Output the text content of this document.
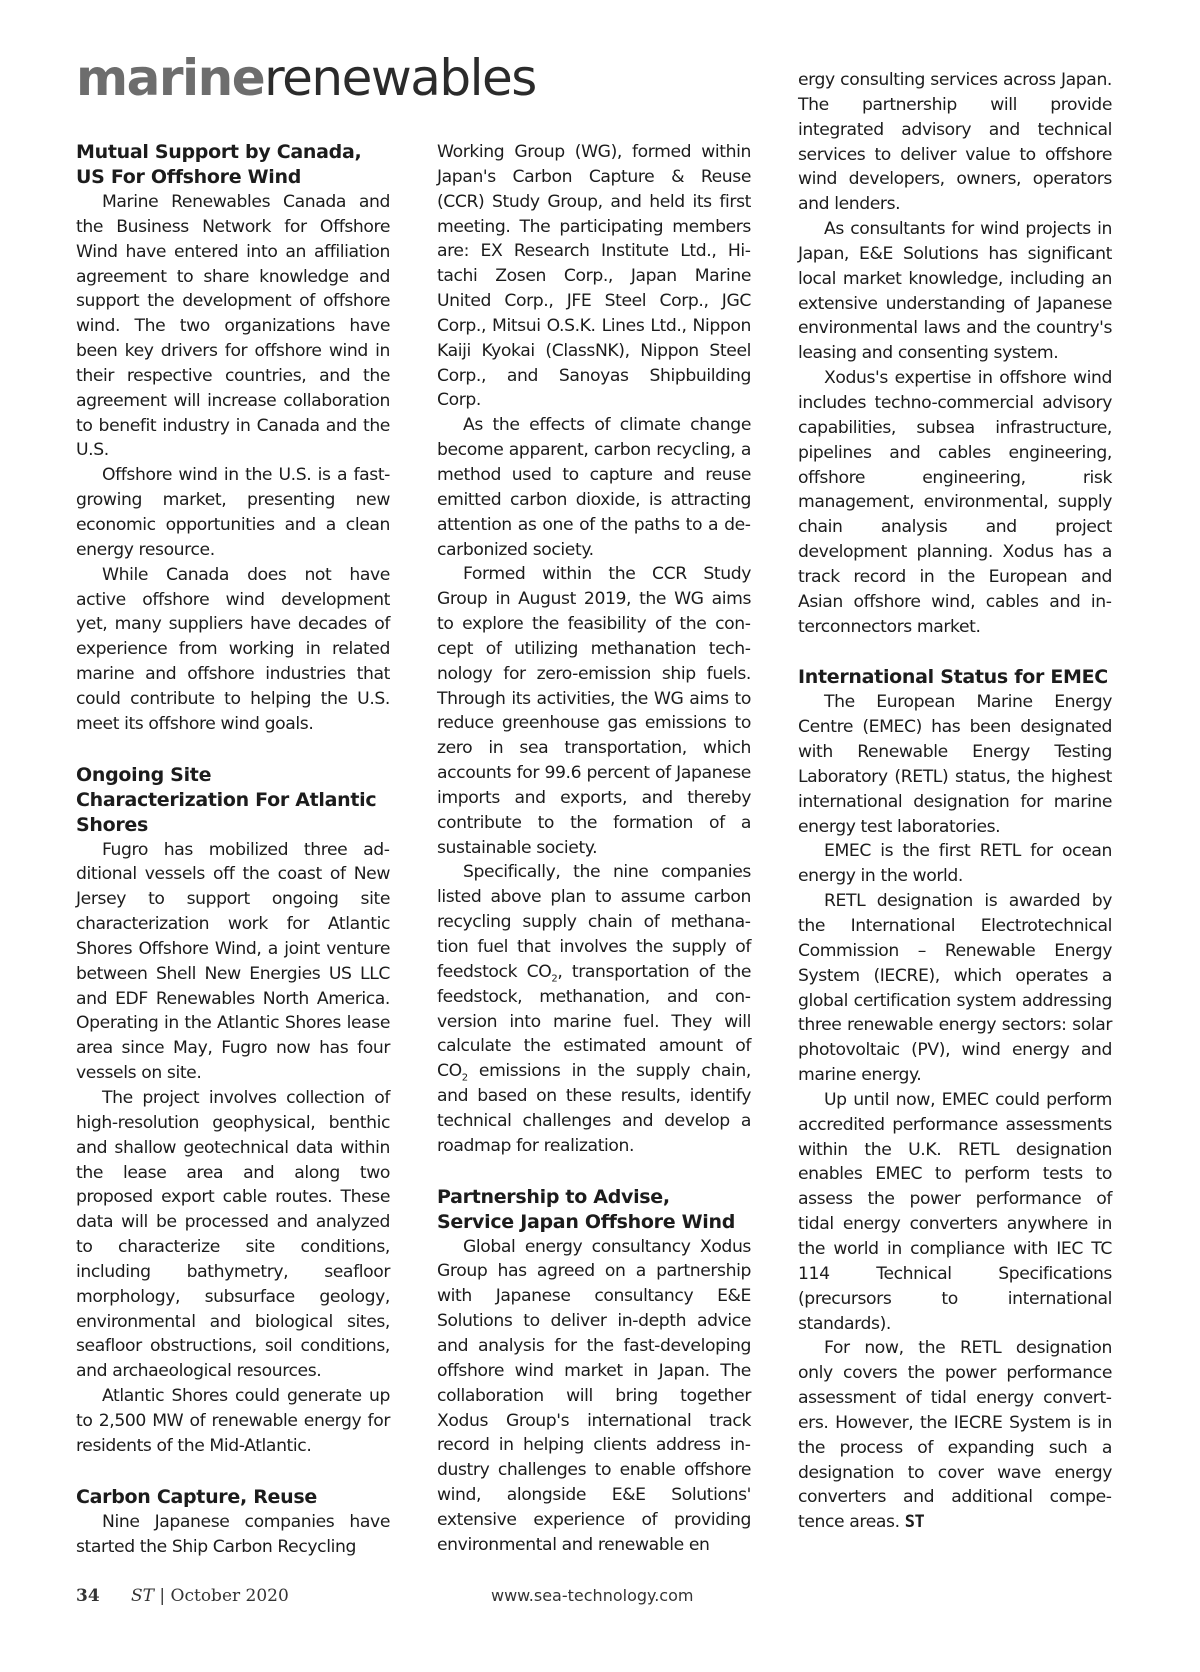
marinerenewables
Mutual Support by Canada, US For Offshore Wind

Marine Renewables Canada and the Business Network for Offshore Wind have entered into an affiliation agreement to share knowledge and support the development of offshore wind. The two organizations have been key drivers for offshore wind in their respective countries, and the agreement will increase collaboration to benefit industry in Canada and the U.S.

Offshore wind in the U.S. is a fast-growing market, presenting new economic opportunities and a clean energy resource.

While Canada does not have active offshore wind development yet, many suppliers have decades of experience from working in related marine and offshore industries that could contribute to helping the U.S. meet its offshore wind goals.

Ongoing Site Characterization For Atlantic Shores

Fugro has mobilized three additional vessels off the coast of New Jersey to support ongoing site characterization work for Atlantic Shores Offshore Wind, a joint venture between Shell New Energies US LLC and EDF Renewables North America. Operating in the Atlantic Shores lease area since May, Fugro now has four vessels on site.

The project involves collection of high-resolution geophysical, benthic and shallow geotechnical data within the lease area and along two proposed export cable routes. These data will be processed and analyzed to characterize site conditions, including bathymetry, seafloor morphology, subsurface geology, environmental and biological sites, seafloor obstructions, soil conditions, and archaeological resources.

Atlantic Shores could generate up to 2,500 MW of renewable energy for residents of the Mid-Atlantic.

Carbon Capture, Reuse

Nine Japanese companies have started the Ship Carbon Recycling

Working Group (WG), formed within Japan's Carbon Capture & Reuse (CCR) Study Group, and held its first meeting. The participating members are: EX Research Institute Ltd., Hitachi Zosen Corp., Japan Marine United Corp., JFE Steel Corp., JGC Corp., Mitsui O.S.K. Lines Ltd., Nippon Kaiji Kyokai (ClassNK), Nippon Steel Corp., and Sanoyas Shipbuilding Corp.

As the effects of climate change become apparent, carbon recycling, a method used to capture and reuse emitted carbon dioxide, is attracting attention as one of the paths to a decarbonized society.

Formed within the CCR Study Group in August 2019, the WG aims to explore the feasibility of the concept of utilizing methanation technology for zero-emission ship fuels. Through its activities, the WG aims to reduce greenhouse gas emissions to zero in sea transportation, which accounts for 99.6 percent of Japanese imports and exports, and thereby contribute to the formation of a sustainable society.

Specifically, the nine companies listed above plan to assume carbon recycling supply chain of methanation fuel that involves the supply of feedstock $CO_2$, transportation of the feedstock, methanation, and conversion into marine fuel. They will calculate the estimated amount of $CO_2$ emissions in the supply chain, and based on these results, identify technical challenges and develop a roadmap for realization.

Partnership to Advise, Service Japan Offshore Wind

Global energy consultancy Xodus Group has agreed on a partnership with Japanese consultancy E&E Solutions to deliver in-depth advice and analysis for the fast-developing offshore wind market in Japan. The collaboration will bring together Xodus Group's international track record in helping clients address industry challenges to enable offshore wind, alongside E&E Solutions' extensive experience of providing environmental and renewable en

ergy consulting services across Japan. The partnership will provide integrated advisory and technical services to deliver value to offshore wind developers, owners, operators and lenders.

As consultants for wind projects in Japan, E&E Solutions has significant local market knowledge, including an extensive understanding of Japanese environmental laws and the country's leasing and consenting system.

Xodus's expertise in offshore wind includes techno-commercial advisory capabilities, subsea infrastructure, pipelines and cables engineering, offshore engineering, risk management, environmental, supply chain analysis and project development planning. Xodus has a track record in the European and Asian offshore wind, cables and interconnectors market.

International Status for EMEC

The European Marine Energy Centre (EMEC) has been designated with Renewable Energy Testing Laboratory (RETL) status, the highest international designation for marine energy test laboratories.

EMEC is the first RETL for ocean energy in the world.

RETL designation is awarded by the International Electrotechnical Commission – Renewable Energy System (IECRE), which operates a global certification system addressing three renewable energy sectors: solar photovoltaic (PV), wind energy and marine energy.

Up until now, EMEC could perform accredited performance assessments within the U.K. RETL designation enables EMEC to perform tests to assess the power performance of tidal energy converters anywhere in the world in compliance with IEC TC 114 Technical Specifications (precursors to international standards).

For now, the RETL designation only covers the power performance assessment of tidal energy converters. However, the IECRE System is in the process of expanding such a designation to cover wave energy converters and additional competence areas. ST

34 ST | October 2020	www.sea-technology.com
